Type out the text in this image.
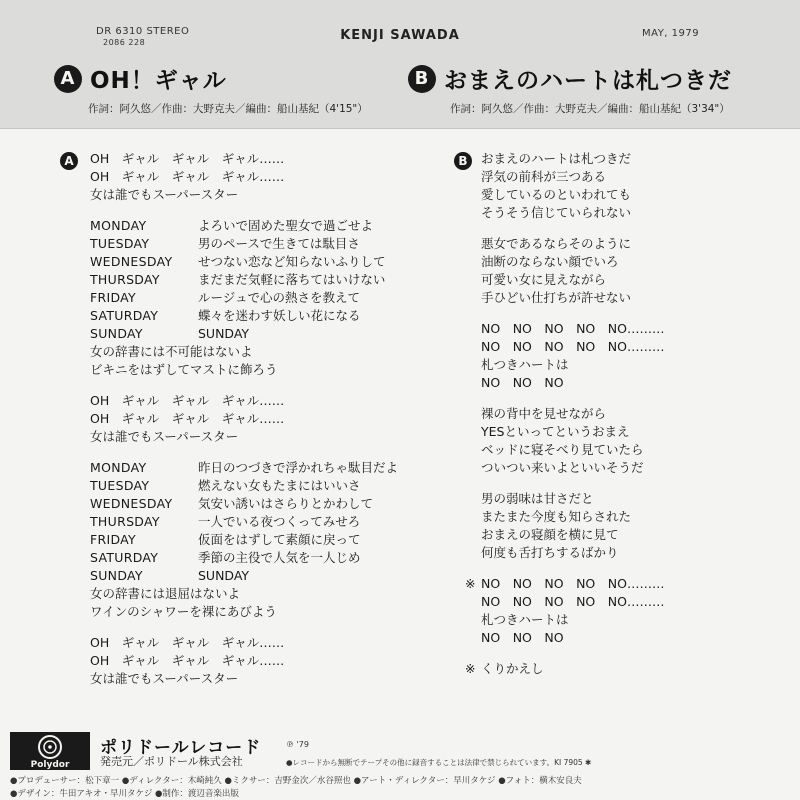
DR 6310 STEREO
2086 228	KENJI SAWADA	MAY, 1979
A OH！ギャル
作詞：阿久悠／作曲：大野克夫／編曲：船山基紀（4'15"）
B おまえのハートは札つきだ
作詞：阿久悠／作曲：大野克夫／編曲：船山基紀（3'34"）
A	OH　ギャル　ギャル　ギャル……
OH　ギャル　ギャル　ギャル……
女は誰でもスーパースター
MONDAY	よろいで固めた聖女で過ごせよ
TUESDAY	男のペースで生きては駄目さ
WEDNESDAY	せつない恋など知らないふりして
THURSDAY	まだまだ気軽に落ちてはいけない
FRIDAY	ルージュで心の熱さを教えて
SATURDAY	蝶々を迷わす妖しい花になる
SUNDAY	SUNDAY
女の辞書には不可能はないよ
ビキニをはずしてマストに飾ろう
OH　ギャル　ギャル　ギャル……
OH　ギャル　ギャル　ギャル……
女は誰でもスーパースター
MONDAY	昨日のつづきで浮かれちゃ駄目だよ
TUESDAY	燃えない女もたまにはいいさ
WEDNESDAY	気安い誘いはさらりとかわして
THURSDAY	一人でいる夜つくってみせろ
FRIDAY	仮面をはずして素顔に戻って
SATURDAY	季節の主役で人気を一人じめ
SUNDAY	SUNDAY
女の辞書には退屈はないよ
ワインのシャワーを裸にあびよう
OH　ギャル　ギャル　ギャル……
OH　ギャル　ギャル　ギャル……
女は誰でもスーパースター
B	おまえのハートは札つきだ
浮気の前科が三つある
愛しているのといわれても
そうそう信じていられない
悪女であるならそのように
油断のならない顔でいろ
可愛い女に見えながら
手ひどい仕打ちが許せない
NO　NO　NO　NO　NO………
NO　NO　NO　NO　NO………
札つきハートは
NO　NO　NO
裸の背中を見せながら
YESといってというおまえ
ベッドに寝そべり見ていたら
ついつい来いよといいそうだ
男の弱味は甘さだと
またまた今度も知らされた
おまえの寝顔を横に見て
何度も舌打ちするばかり
※ NO　NO　NO　NO　NO………
NO　NO　NO　NO　NO………
札つきハートは
NO　NO　NO
※ くりかえし
Polydor
ポリドールレコード
発売元／ポリドール株式会社
℗ '79
●レコードから無断でテープその他に録音することは法律で禁じられています。KI 7905 ✱
●プロデューサー：松下章一 ●ディレクター：木崎純久 ●ミクサー：吉野金次／水谷照也 ●アート・ディレクター：早川タケジ ●フォト：横木安良夫
●デザイン：牛田アキオ・早川タケジ ●制作：渡辺音楽出版
